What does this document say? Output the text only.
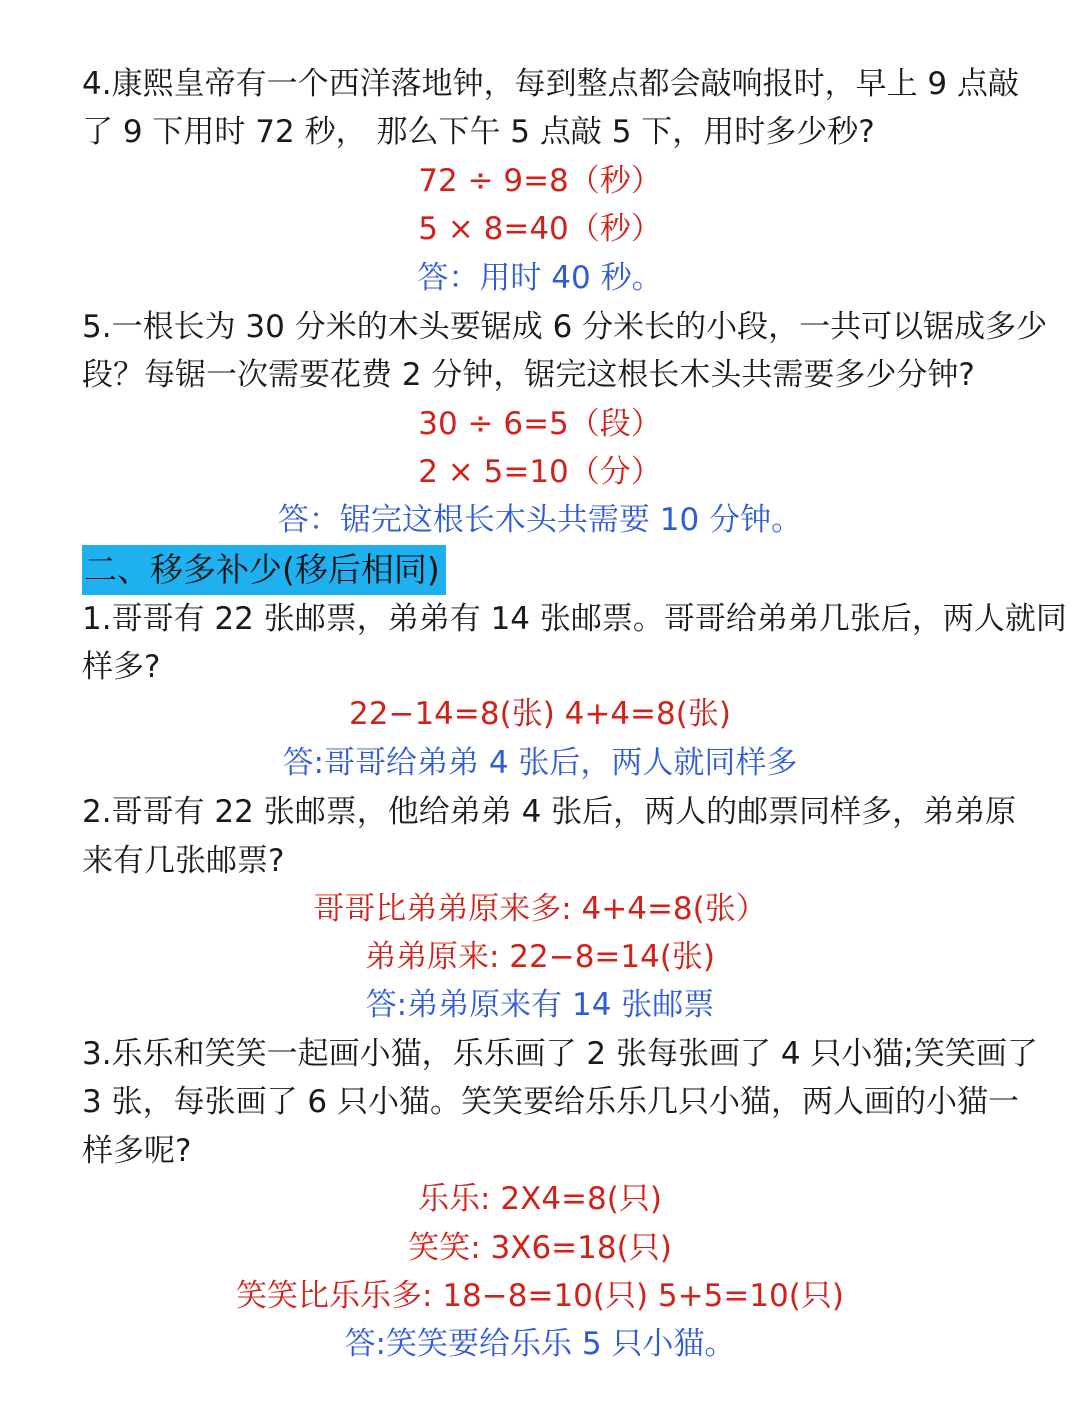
4.康熙皇帝有一个西洋落地钟，每到整点都会敲响报时，早上 9 点敲
了 9 下用时 72 秒， 那么下午 5 点敲 5 下，用时多少秒?
72 ÷ 9=8（秒）
5 × 8=40（秒）
答：用时 40 秒。
5.一根长为 30 分米的木头要锯成 6 分米长的小段，一共可以锯成多少
段？每锯一次需要花费 2 分钟，锯完这根长木头共需要多少分钟?
30 ÷ 6=5（段）
2 × 5=10（分）
答：锯完这根长木头共需要 10 分钟。
二、移多补少(移后相同)
1.哥哥有 22 张邮票，弟弟有 14 张邮票。哥哥给弟弟几张后，两人就同
样多?
22−14=8(张) 4+4=8(张)
答:哥哥给弟弟 4 张后，两人就同样多
2.哥哥有 22 张邮票，他给弟弟 4 张后，两人的邮票同样多，弟弟原
来有几张邮票?
哥哥比弟弟原来多: 4+4=8(张）
弟弟原来: 22−8=14(张)
答:弟弟原来有 14 张邮票
3.乐乐和笑笑一起画小猫，乐乐画了 2 张每张画了 4 只小猫;笑笑画了
3 张，每张画了 6 只小猫。笑笑要给乐乐几只小猫，两人画的小猫一
样多呢?
乐乐: 2X4=8(只)
笑笑: 3X6=18(只)
笑笑比乐乐多: 18−8=10(只) 5+5=10(只)
答:笑笑要给乐乐 5 只小猫。
